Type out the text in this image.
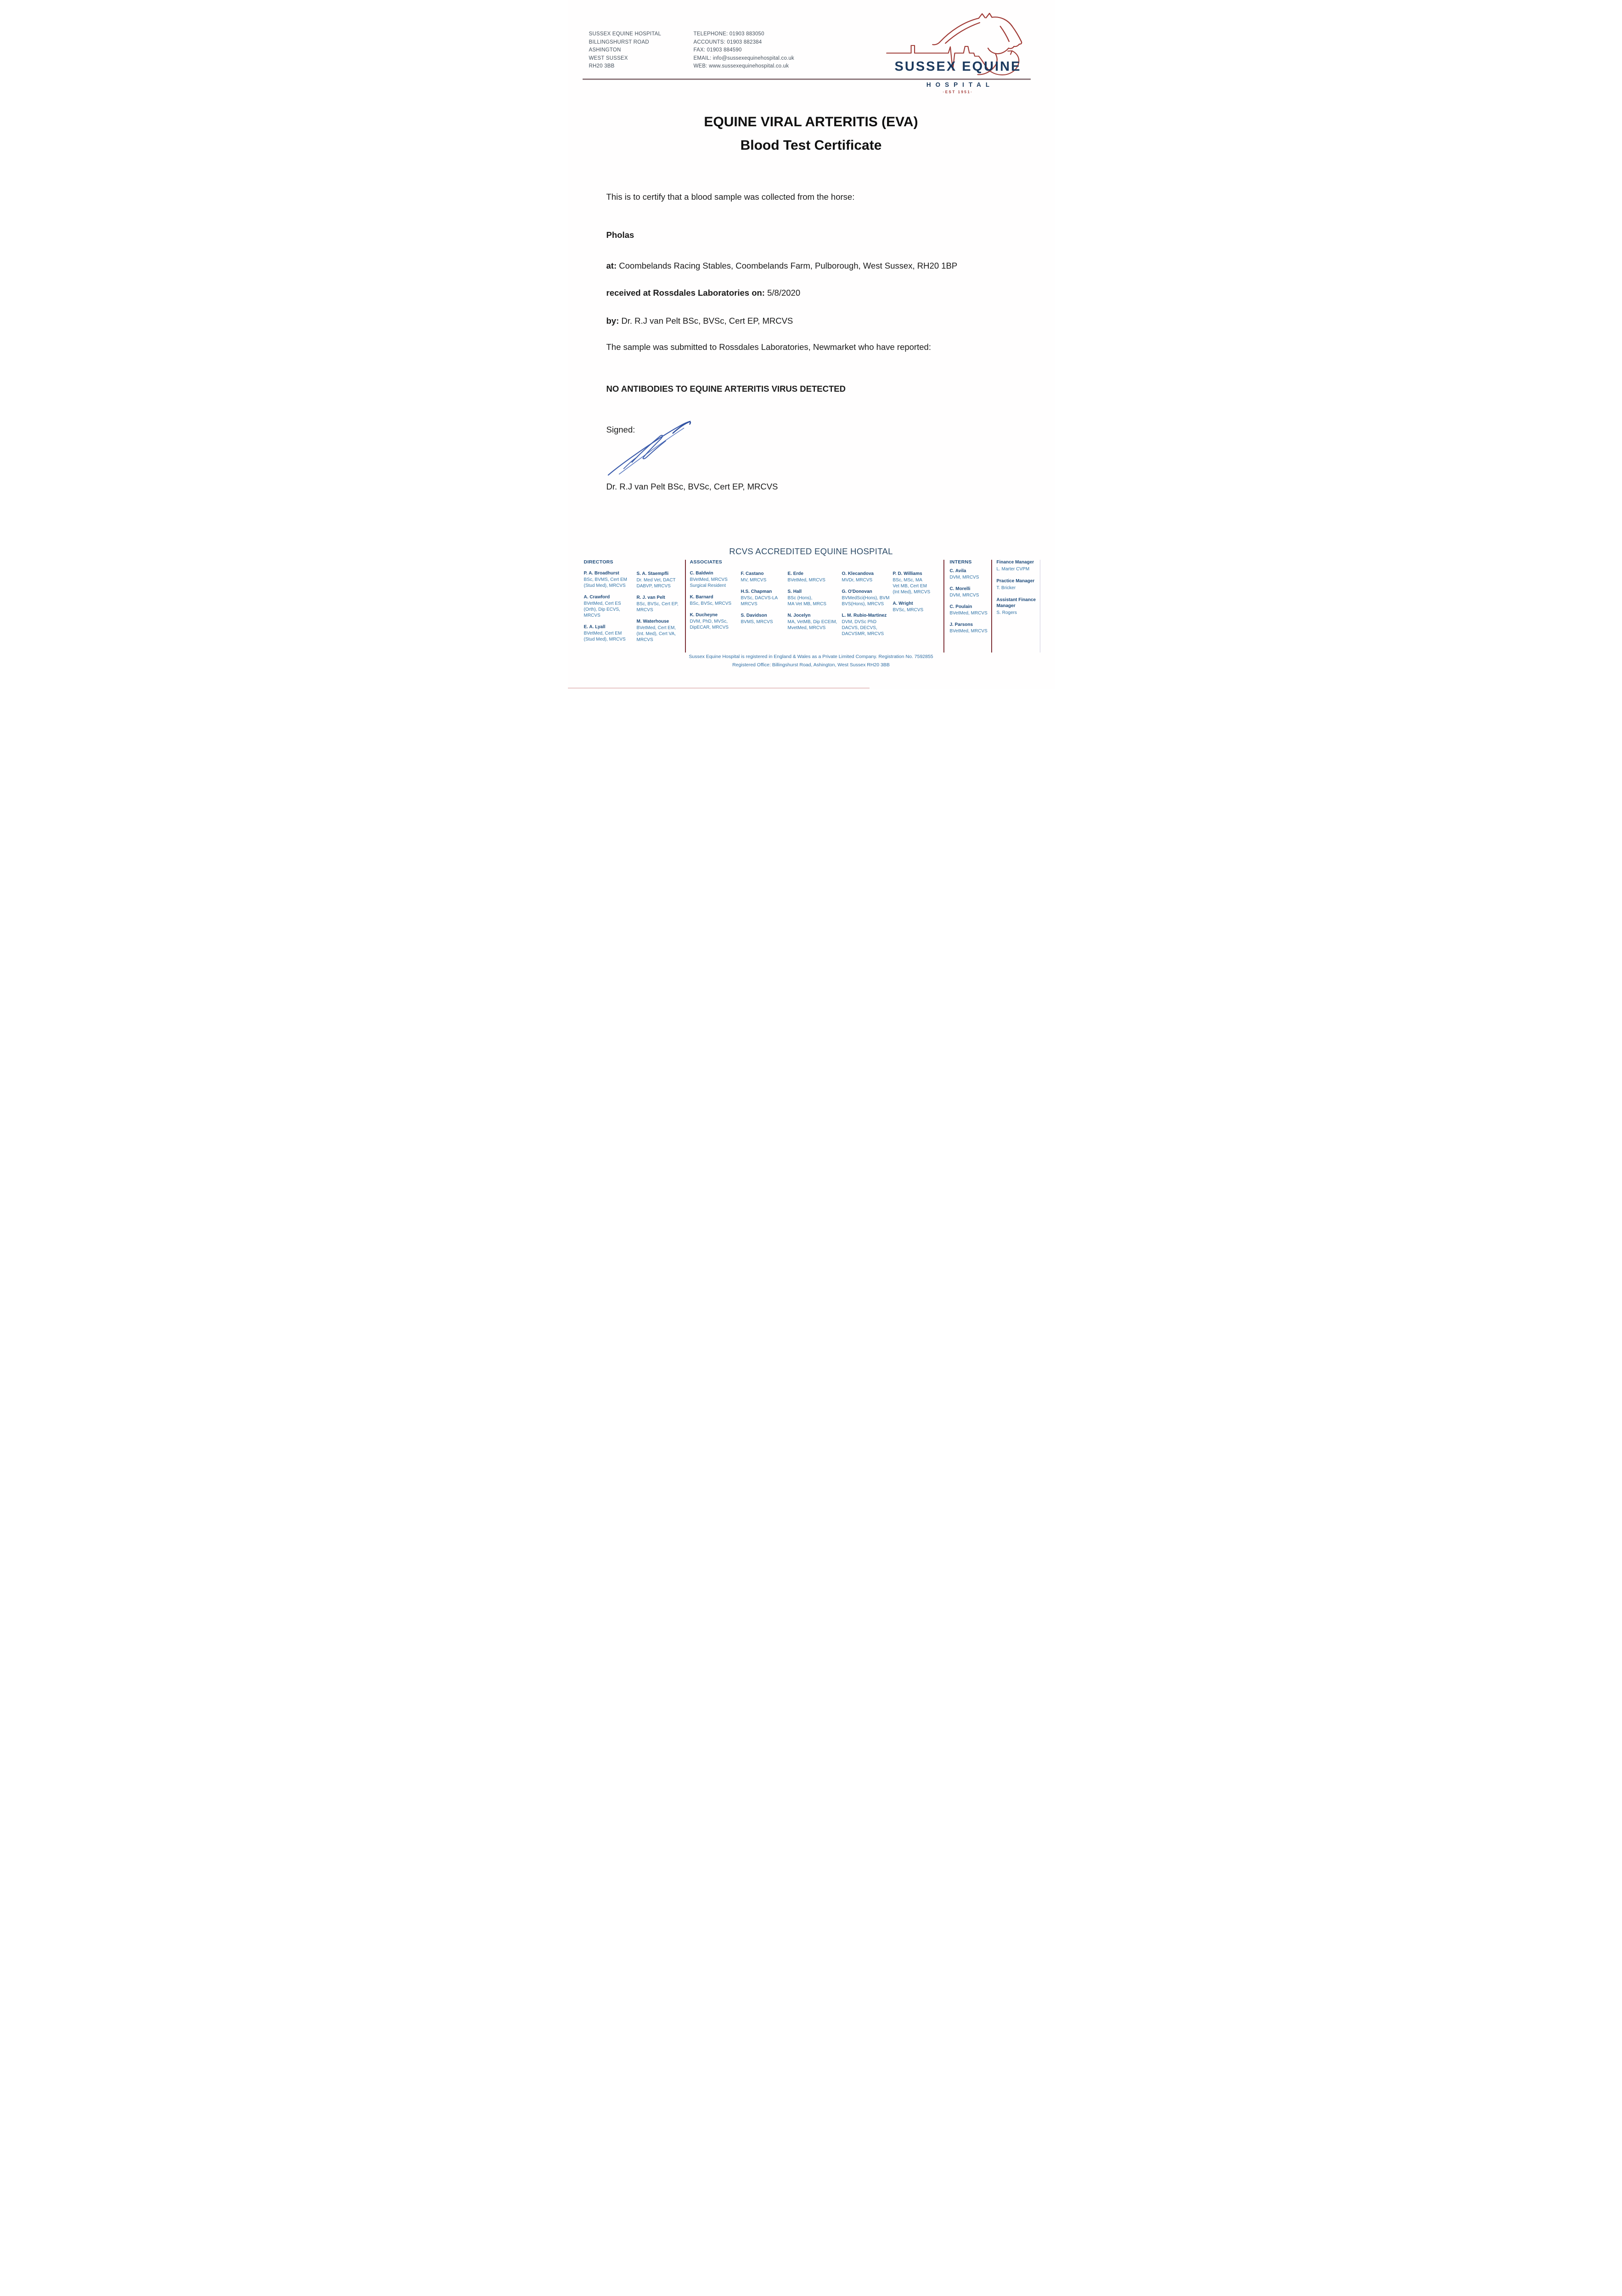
SUSSEX EQUINE HOSPITAL
BILLINGSHURST ROAD
ASHINGTON
WEST SUSSEX
RH20 3BB
TELEPHONE: 01903 883050
ACCOUNTS: 01903 882384
FAX: 01903 884590
EMAIL: info@sussexequinehospital.co.uk
WEB: www.sussexequinehospital.co.uk	SUSSEX EQUINE
HOSPITAL
·EST 1951·
EQUINE VIRAL ARTERITIS (EVA)
Blood Test Certificate
This is to certify that a blood sample was collected from the horse:
Pholas
at: Coombelands Racing Stables, Coombelands Farm, Pulborough, West Sussex, RH20 1BP
received at Rossdales Laboratories on: 5/8/2020
by: Dr. R.J van Pelt BSc, BVSc, Cert EP, MRCVS
The sample was submitted to Rossdales Laboratories, Newmarket who have reported:
NO ANTIBODIES TO EQUINE ARTERITIS VIRUS DETECTED
Signed:
Dr. R.J van Pelt BSc, BVSc, Cert EP, MRCVS
RCVS ACCREDITED EQUINE HOSPITAL
DIRECTORS
P. A. Broadhurst
BSc, BVMS, Cert EM
(Stud Med), MRCVS
A. Crawford
BVetMed, Cert ES
(Orth), Dip ECVS,
MRCVS
E. A. Lyall
BVetMed, Cert EM
(Stud Med), MRCVS
S. A. Staempfli
Dr. Med Vet, DACT
DABVP, MRCVS
R. J. van Pelt
BSc, BVSc, Cert EP,
MRCVS
M. Waterhouse
BVetMed, Cert EM,
(Int. Med), Cert VA,
MRCVS
ASSOCIATES
C. Baldwin
BVetMed, MRCVS
Surgical Resident
K. Barnard
BSc, BVSc, MRCVS
K. Ducheyne
DVM, PhD, MVSc,
DipECAR, MRCVS
F. Castano
MV, MRCVS
H.S. Chapman
BVSc, DACVS-LA
MRCVS
S. Davidson
BVMS, MRCVS
E. Erde
BVetMed, MRCVS
S. Hall
BSc (Hons),
MA Vet MB, MRCS
N. Jocelyn
MA, VetMB, Dip ECEIM,
MvetMed, MRCVS
O. Klecandova
MVDr, MRCVS
G. O'Donovan
BVMedSci(Hons), BVM
BVS(Hons), MRCVS
L. M. Rubio-Martinez
DVM, DVSc PhD
DACVS, DECVS,
DACVSMR, MRCVS
P. D. Williams
BSc, MSc, MA
Vet MB, Cert EM
(Int Med), MRCVS
A. Wright
BVSc, MRCVS
INTERNS
C. Avila
DVM, MRCVS
C. Morelli
DVM, MRCVS
C. Poulain
BVetMed, MRCVS
J. Parsons
BVetMed, MRCVS
Finance Manager
L. Marter CVPM
Practice Manager
T. Bricker
Assistant Finance Manager
S. Rogers
Sussex Equine Hospital is registered in England & Wales as a Private Limited Company. Registration No. 7592855
Registered Office: Billingshurst Road, Ashington, West Sussex RH20 3BB
